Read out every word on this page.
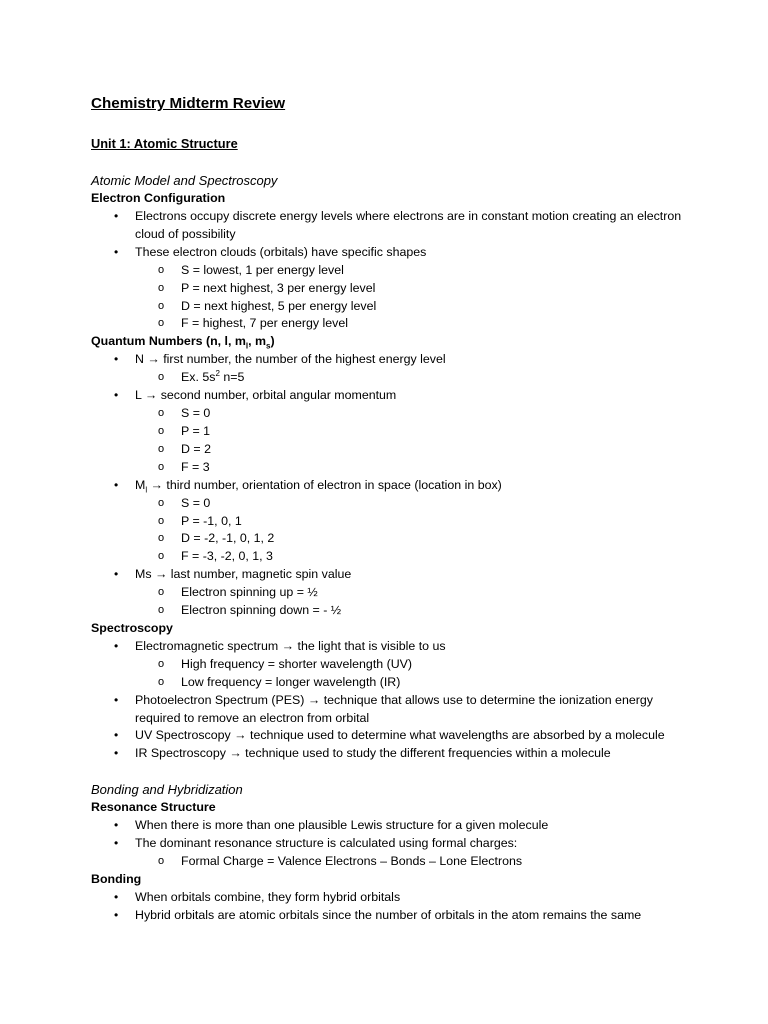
Chemistry Midterm Review
Unit 1: Atomic Structure
Atomic Model and Spectroscopy
Electron Configuration
• Electrons occupy discrete energy levels where electrons are in constant motion creating an electron cloud of possibility
• These electron clouds (orbitals) have specific shapes
o S = lowest, 1 per energy level
o P = next highest, 3 per energy level
o D = next highest, 5 per energy level
o F = highest, 7 per energy level
Quantum Numbers (n, l, $m_l$, $m_s$)
• N → first number, the number of the highest energy level
o Ex. $5s^2$ n=5
• L → second number, orbital angular momentum
o S = 0
o P = 1
o D = 2
o F = 3
• $M_l$ → third number, orientation of electron in space (location in box)
o S = 0
o P = -1, 0, 1
o D = -2, -1, 0, 1, 2
o F = -3, -2, 0, 1, 3
• Ms → last number, magnetic spin value
o Electron spinning up = ½
o Electron spinning down = - ½
Spectroscopy
• Electromagnetic spectrum → the light that is visible to us
o High frequency = shorter wavelength (UV)
o Low frequency = longer wavelength (IR)
• Photoelectron Spectrum (PES) → technique that allows use to determine the ionization energy required to remove an electron from orbital
• UV Spectroscopy → technique used to determine what wavelengths are absorbed by a molecule
• IR Spectroscopy → technique used to study the different frequencies within a molecule
Bonding and Hybridization
Resonance Structure
• When there is more than one plausible Lewis structure for a given molecule
• The dominant resonance structure is calculated using formal charges:
o Formal Charge = Valence Electrons – Bonds – Lone Electrons
Bonding
• When orbitals combine, they form hybrid orbitals
• Hybrid orbitals are atomic orbitals since the number of orbitals in the atom remains the same
